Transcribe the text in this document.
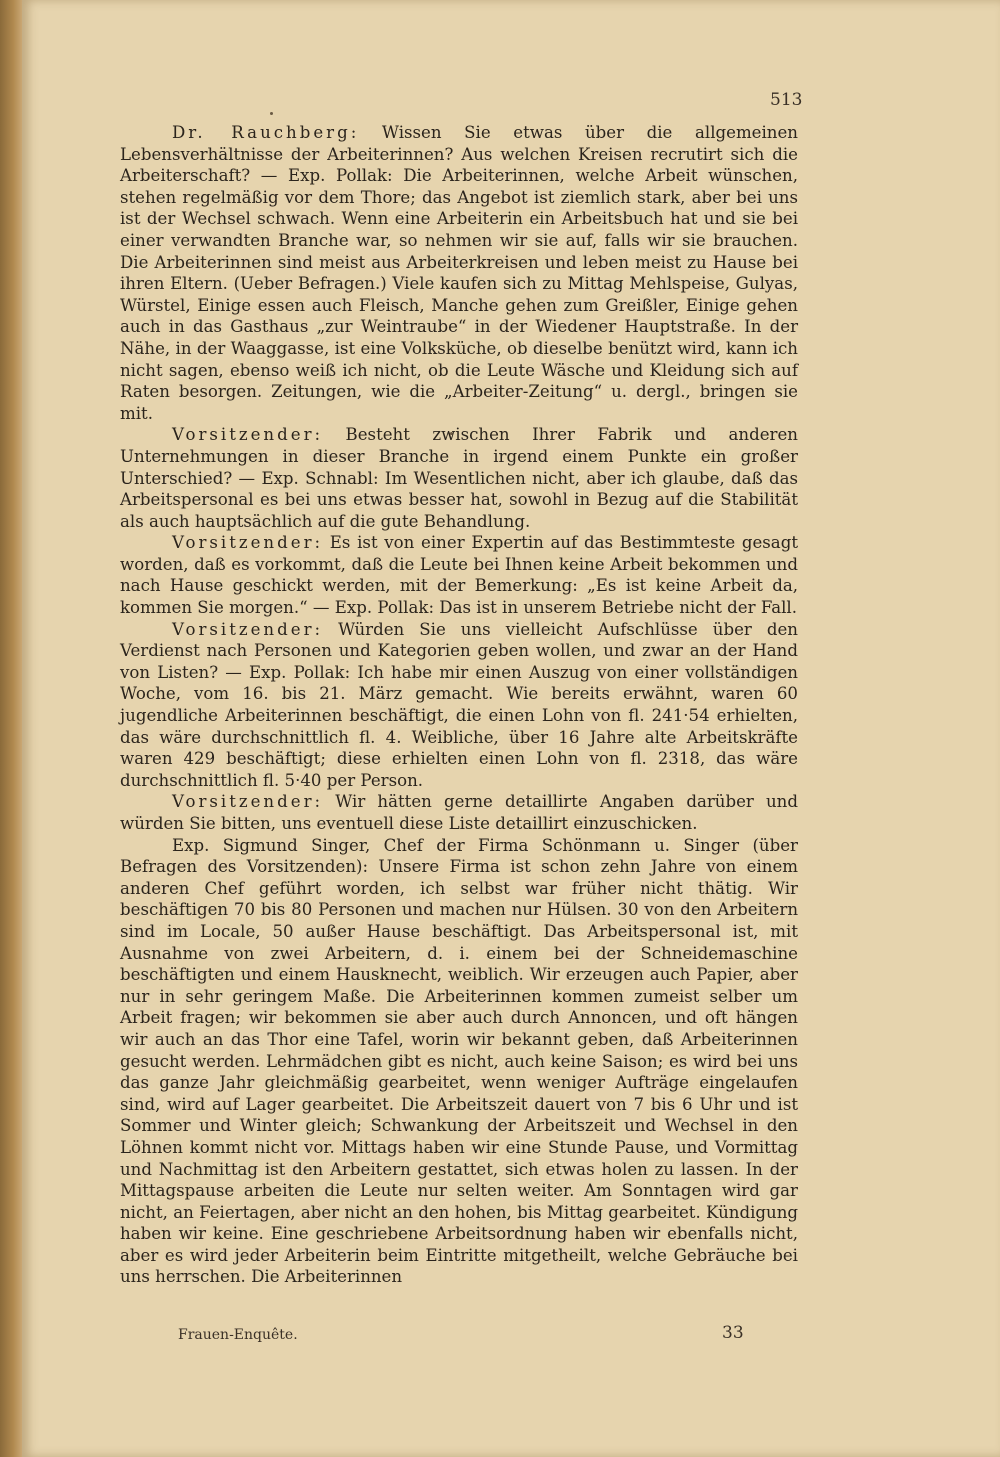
513

Dr. Rauchberg: Wissen Sie etwas über die allgemeinen Lebensverhältnisse der Arbeiterinnen? Aus welchen Kreisen recrutirt sich die Arbeiterschaft? — Exp. Pollak: Die Arbeiterinnen, welche Arbeit wünschen, stehen regelmäßig vor dem Thore; das Angebot ist ziemlich stark, aber bei uns ist der Wechsel schwach. Wenn eine Arbeiterin ein Arbeitsbuch hat und sie bei einer verwandten Branche war, so nehmen wir sie auf, falls wir sie brauchen. Die Arbeiterinnen sind meist aus Arbeiterkreisen und leben meist zu Hause bei ihren Eltern. (Ueber Befragen.) Viele kaufen sich zu Mittag Mehlspeise, Gulyas, Würstel, Einige essen auch Fleisch, Manche gehen zum Greißler, Einige gehen auch in das Gasthaus „zur Weintraube“ in der Wiedener Hauptstraße. In der Nähe, in der Waaggasse, ist eine Volksküche, ob dieselbe benützt wird, kann ich nicht sagen, ebenso weiß ich nicht, ob die Leute Wäsche und Kleidung sich auf Raten besorgen. Zeitungen, wie die „Arbeiter-Zeitung“ u. dergl., bringen sie mit.

Vorsitzender: Besteht zwischen Ihrer Fabrik und anderen Unternehmungen in dieser Branche in irgend einem Punkte ein großer Unterschied? — Exp. Schnabl: Im Wesentlichen nicht, aber ich glaube, daß das Arbeitspersonal es bei uns etwas besser hat, sowohl in Bezug auf die Stabilität als auch hauptsächlich auf die gute Behandlung.

Vorsitzender: Es ist von einer Expertin auf das Bestimmteste gesagt worden, daß es vorkommt, daß die Leute bei Ihnen keine Arbeit bekommen und nach Hause geschickt werden, mit der Bemerkung: „Es ist keine Arbeit da, kommen Sie morgen.“ — Exp. Pollak: Das ist in unserem Betriebe nicht der Fall.

Vorsitzender: Würden Sie uns vielleicht Aufschlüsse über den Verdienst nach Personen und Kategorien geben wollen, und zwar an der Hand von Listen? — Exp. Pollak: Ich habe mir einen Auszug von einer vollständigen Woche, vom 16. bis 21. März gemacht. Wie bereits erwähnt, waren 60 jugendliche Arbeiterinnen beschäftigt, die einen Lohn von fl. 241·54 erhielten, das wäre durchschnittlich fl. 4. Weibliche, über 16 Jahre alte Arbeitskräfte waren 429 beschäftigt; diese erhielten einen Lohn von fl. 2318, das wäre durchschnittlich fl. 5·40 per Person.

Vorsitzender: Wir hätten gerne detaillirte Angaben darüber und würden Sie bitten, uns eventuell diese Liste detaillirt einzuschicken.

Exp. Sigmund Singer, Chef der Firma Schönmann u. Singer (über Befragen des Vorsitzenden): Unsere Firma ist schon zehn Jahre von einem anderen Chef geführt worden, ich selbst war früher nicht thätig. Wir beschäftigen 70 bis 80 Personen und machen nur Hülsen. 30 von den Arbeitern sind im Locale, 50 außer Hause beschäftigt. Das Arbeitspersonal ist, mit Ausnahme von zwei Arbeitern, d. i. einem bei der Schneidemaschine beschäftigten und einem Hausknecht, weiblich. Wir erzeugen auch Papier, aber nur in sehr geringem Maße. Die Arbeiterinnen kommen zumeist selber um Arbeit fragen; wir bekommen sie aber auch durch Annoncen, und oft hängen wir auch an das Thor eine Tafel, worin wir bekannt geben, daß Arbeiterinnen gesucht werden. Lehrmädchen gibt es nicht, auch keine Saison; es wird bei uns das ganze Jahr gleichmäßig gearbeitet, wenn weniger Aufträge eingelaufen sind, wird auf Lager gearbeitet. Die Arbeitszeit dauert von 7 bis 6 Uhr und ist Sommer und Winter gleich; Schwankung der Arbeitszeit und Wechsel in den Löhnen kommt nicht vor. Mittags haben wir eine Stunde Pause, und Vormittag und Nachmittag ist den Arbeitern gestattet, sich etwas holen zu lassen. In der Mittagspause arbeiten die Leute nur selten weiter. Am Sonntagen wird gar nicht, an Feiertagen, aber nicht an den hohen, bis Mittag gearbeitet. Kündigung haben wir keine. Eine geschriebene Arbeitsordnung haben wir ebenfalls nicht, aber es wird jeder Arbeiterin beim Eintritte mitgetheilt, welche Gebräuche bei uns herrschen. Die Arbeiterinnen

Frauen-Enquête.	33
